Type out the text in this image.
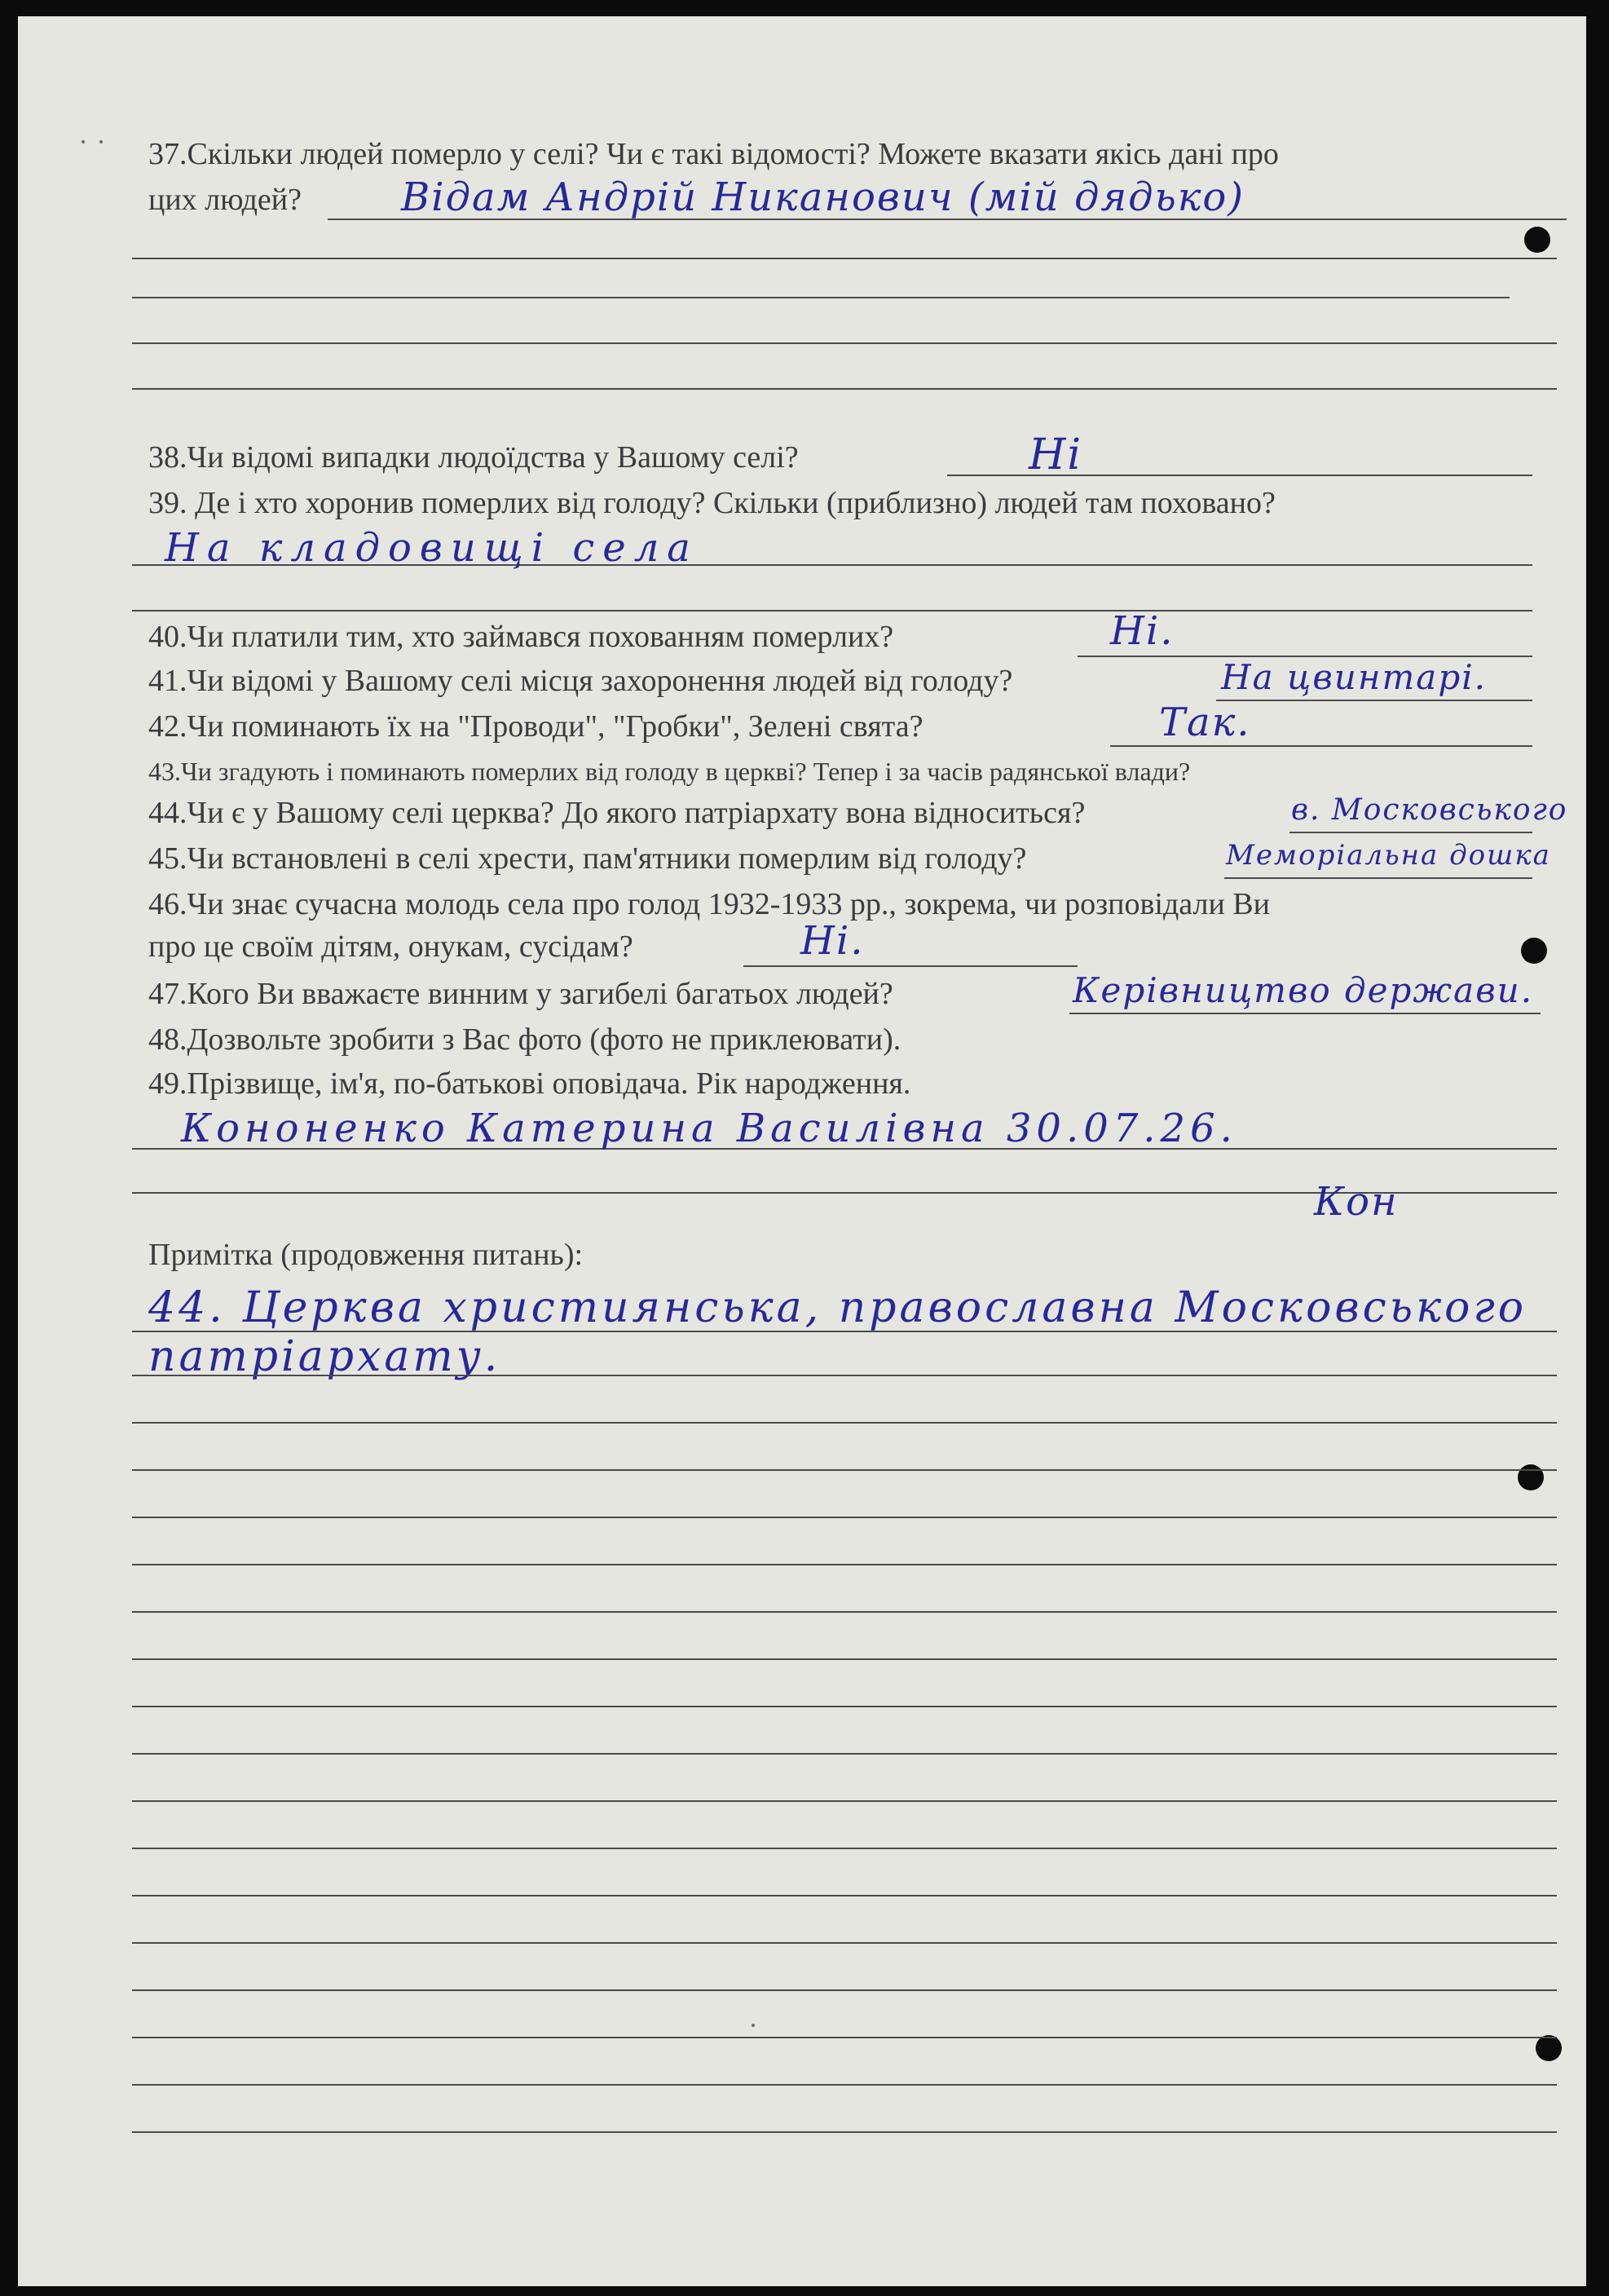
37.Скільки людей померло у селі? Чи є такі відомості? Можете вказати якісь дані про
цих людей?	Відам Андрій Никанович (мій дядько)
38.Чи відомі випадки людоїдства у Вашому селі?	Ні
39. Де і хто хоронив померлих від голоду? Скільки (приблизно) людей там поховано?
На кладовищі села
40.Чи платили тим, хто займався похованням померлих?	Ні.
41.Чи відомі у Вашому селі місця захоронення людей від голоду?	На цвинтарі.
42.Чи поминають їх на "Проводи", "Гробки", Зелені свята?	Так.
43.Чи згадують і поминають померлих від голоду в церкві? Тепер і за часів радянської влади?
44.Чи є у Вашому селі церква? До якого патріархату вона відноситься?	в. Московського
45.Чи встановлені в селі хрести, пам'ятники померлим від голоду?	Меморіальна дошка
46.Чи знає сучасна молодь села про голод 1932-1933 рр., зокрема, чи розповідали Ви
про це своїм дітям, онукам, сусідам?	Ні.
47.Кого Ви вважаєте винним у загибелі багатьох людей?	Керівництво держави.
48.Дозвольте зробити з Вас фото (фото не приклеювати).
49.Прізвище, ім'я, по-батькові оповідача. Рік народження.
Кононенко Катерина Василівна 30.07.26.
Кон
Примітка (продовження питань):
44. Церква християнська, православна Московського
патріархату.
